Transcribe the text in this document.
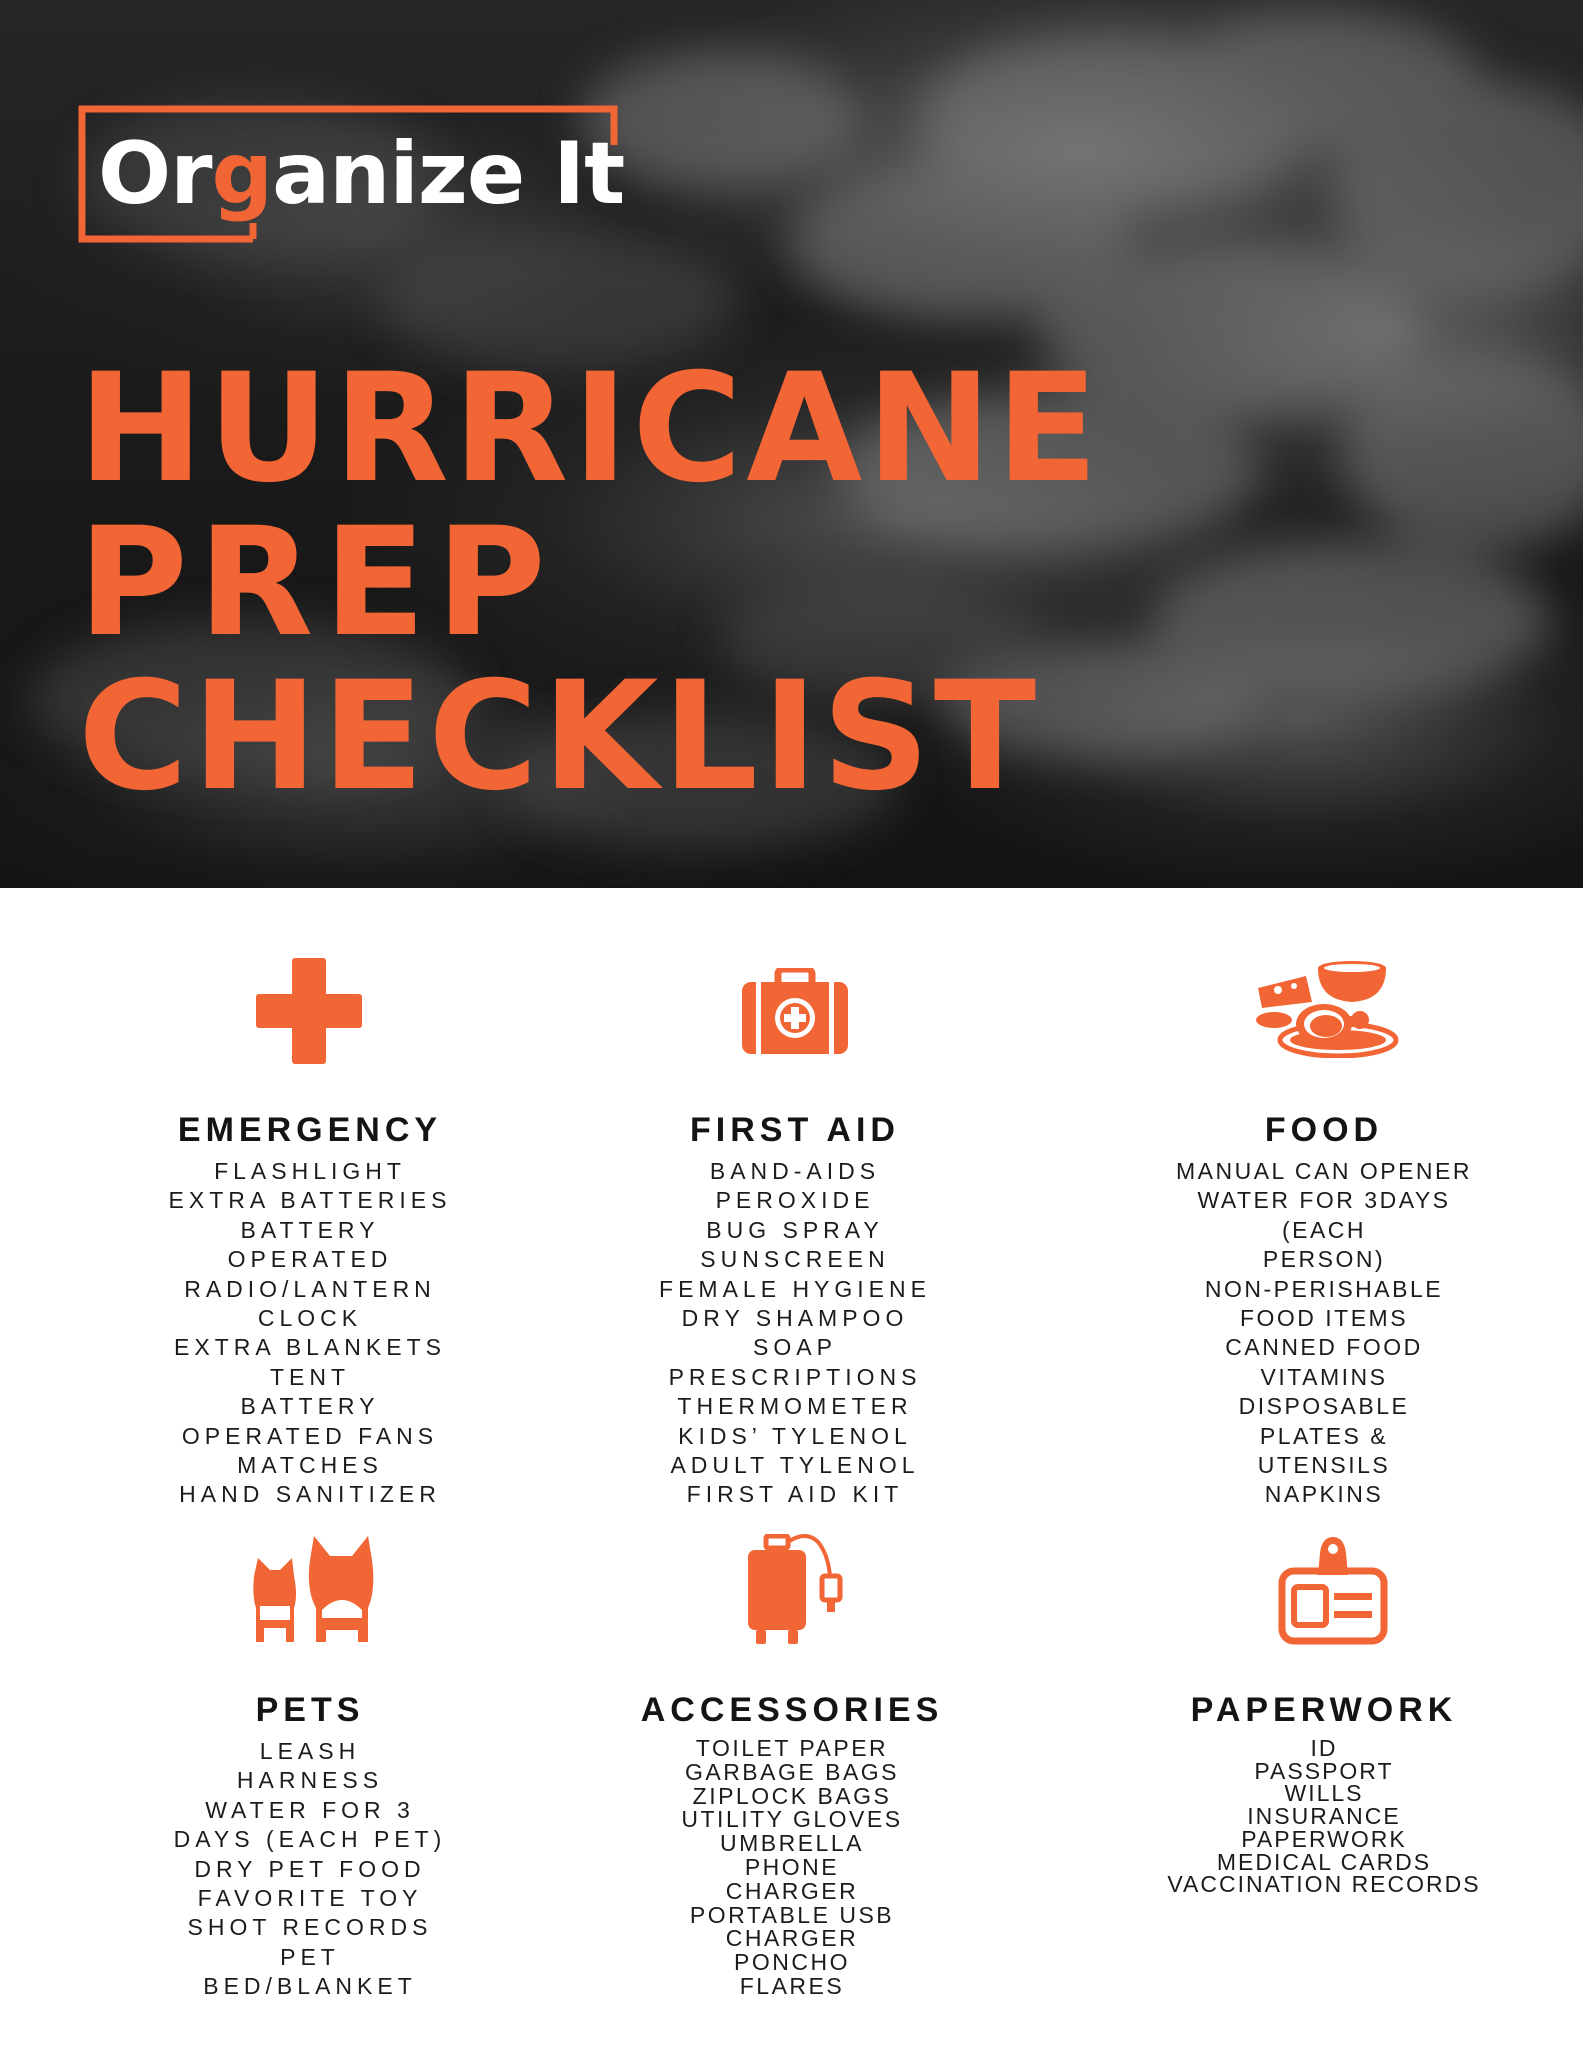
Organize It
HURRICANE
PREP
CHECKLIST
EMERGENCY
FLASHLIGHT
EXTRA BATTERIES
BATTERY
OPERATED
RADIO/LANTERN
CLOCK
EXTRA BLANKETS
TENT
BATTERY
OPERATED FANS
MATCHES
HAND SANITIZER
FIRST AID
BAND-AIDS
PEROXIDE
BUG SPRAY
SUNSCREEN
FEMALE HYGIENE
DRY SHAMPOO
SOAP
PRESCRIPTIONS
THERMOMETER
KIDS’ TYLENOL
ADULT TYLENOL
FIRST AID KIT
FOOD
MANUAL CAN OPENER
WATER FOR 3DAYS
(EACH
PERSON)
NON-PERISHABLE
FOOD ITEMS
CANNED FOOD
VITAMINS
DISPOSABLE
PLATES &
UTENSILS
NAPKINS
PETS
LEASH
HARNESS
WATER FOR 3
DAYS (EACH PET)
DRY PET FOOD
FAVORITE TOY
SHOT RECORDS
PET
BED/BLANKET
ACCESSORIES
TOILET PAPER
GARBAGE BAGS
ZIPLOCK BAGS
UTILITY GLOVES
UMBRELLA
PHONE
CHARGER
PORTABLE USB
CHARGER
PONCHO
FLARES
PAPERWORK
ID
PASSPORT
WILLS
INSURANCE
PAPERWORK
MEDICAL CARDS
VACCINATION RECORDS
